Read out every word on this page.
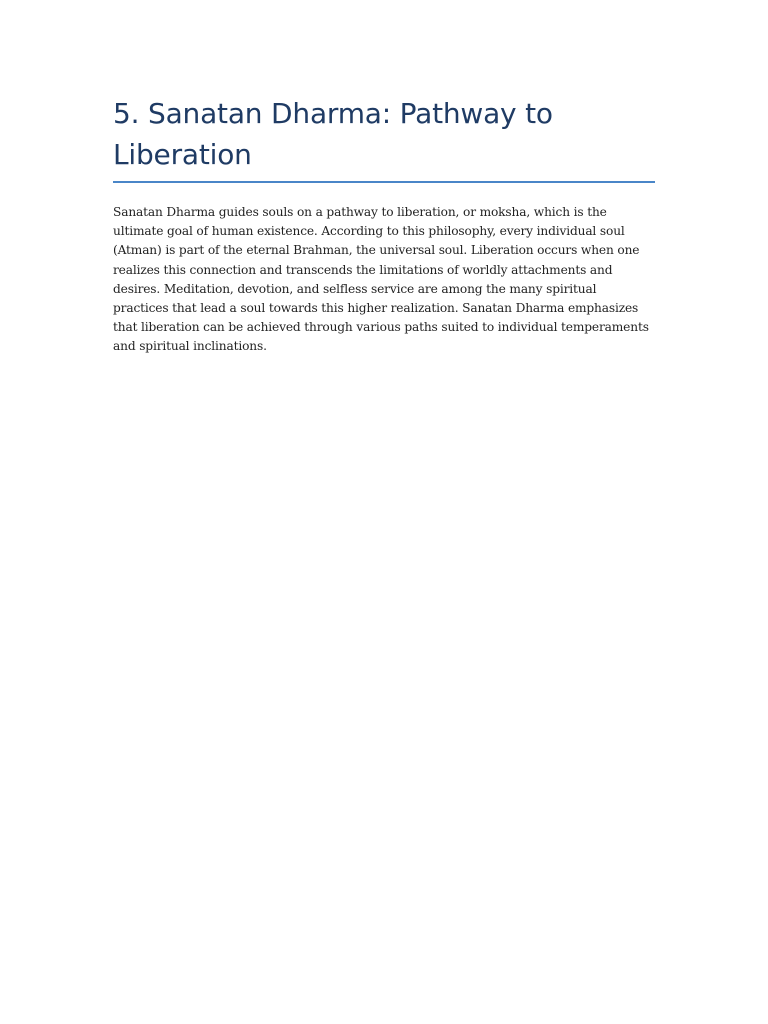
5. Sanatan Dharma: Pathway to Liberation

Sanatan Dharma guides souls on a pathway to liberation, or moksha, which is the ultimate goal of human existence. According to this philosophy, every individual soul (Atman) is part of the eternal Brahman, the universal soul. Liberation occurs when one realizes this connection and transcends the limitations of worldly attachments and desires. Meditation, devotion, and selfless service are among the many spiritual practices that lead a soul towards this higher realization. Sanatan Dharma emphasizes that liberation can be achieved through various paths suited to individual temperaments and spiritual inclinations.
